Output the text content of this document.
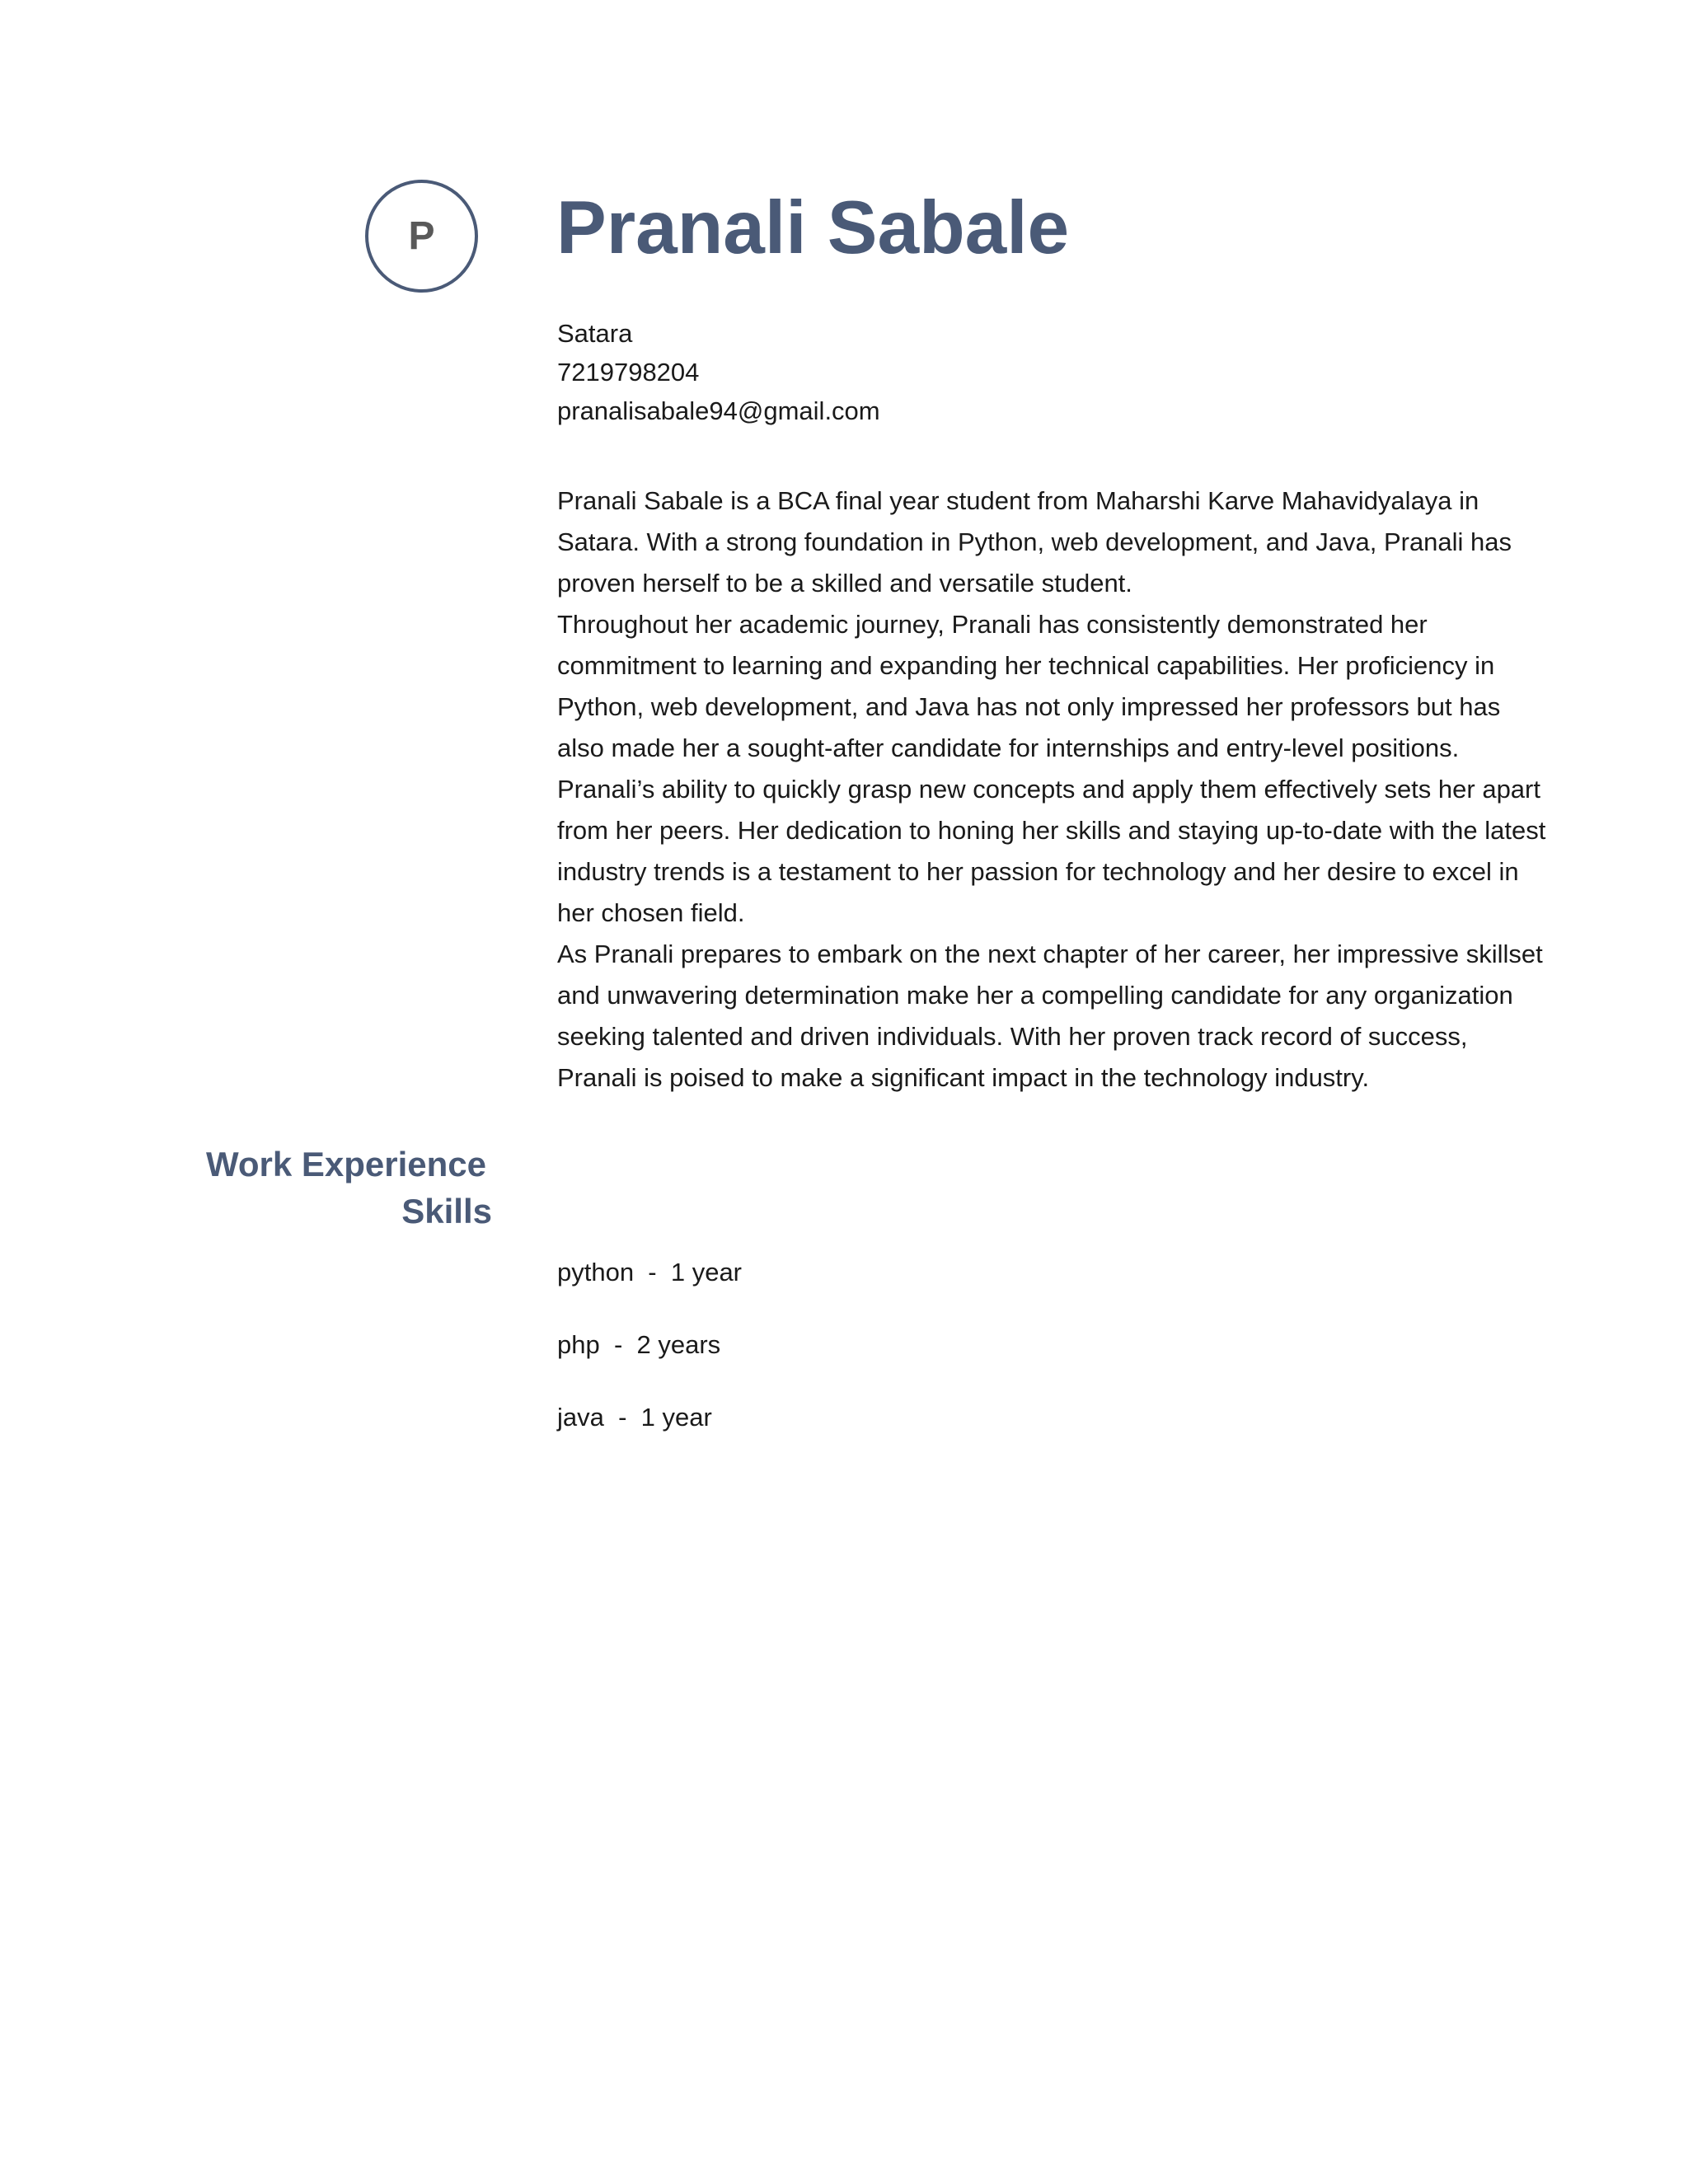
P Pranali Sabale
Satara
7219798204
pranalisabale94@gmail.com

Pranali Sabale is a BCA final year student from Maharshi Karve Mahavidyalaya in Satara. With a strong foundation in Python, web development, and Java, Pranali has proven herself to be a skilled and versatile student.

Throughout her academic journey, Pranali has consistently demonstrated her commitment to learning and expanding her technical capabilities. Her proficiency in Python, web development, and Java has not only impressed her professors but has also made her a sought-after candidate for internships and entry-level positions.

Pranali’s ability to quickly grasp new concepts and apply them effectively sets her apart from her peers. Her dedication to honing her skills and staying up-to-date with the latest industry trends is a testament to her passion for technology and her desire to excel in her chosen field.

As Pranali prepares to embark on the next chapter of her career, her impressive skillset and unwavering determination make her a compelling candidate for any organization seeking talented and driven individuals. With her proven track record of success, Pranali is poised to make a significant impact in the technology industry.

Work Experience
Skills
python  -  1 year
php  -  2 years
java  -  1 year
